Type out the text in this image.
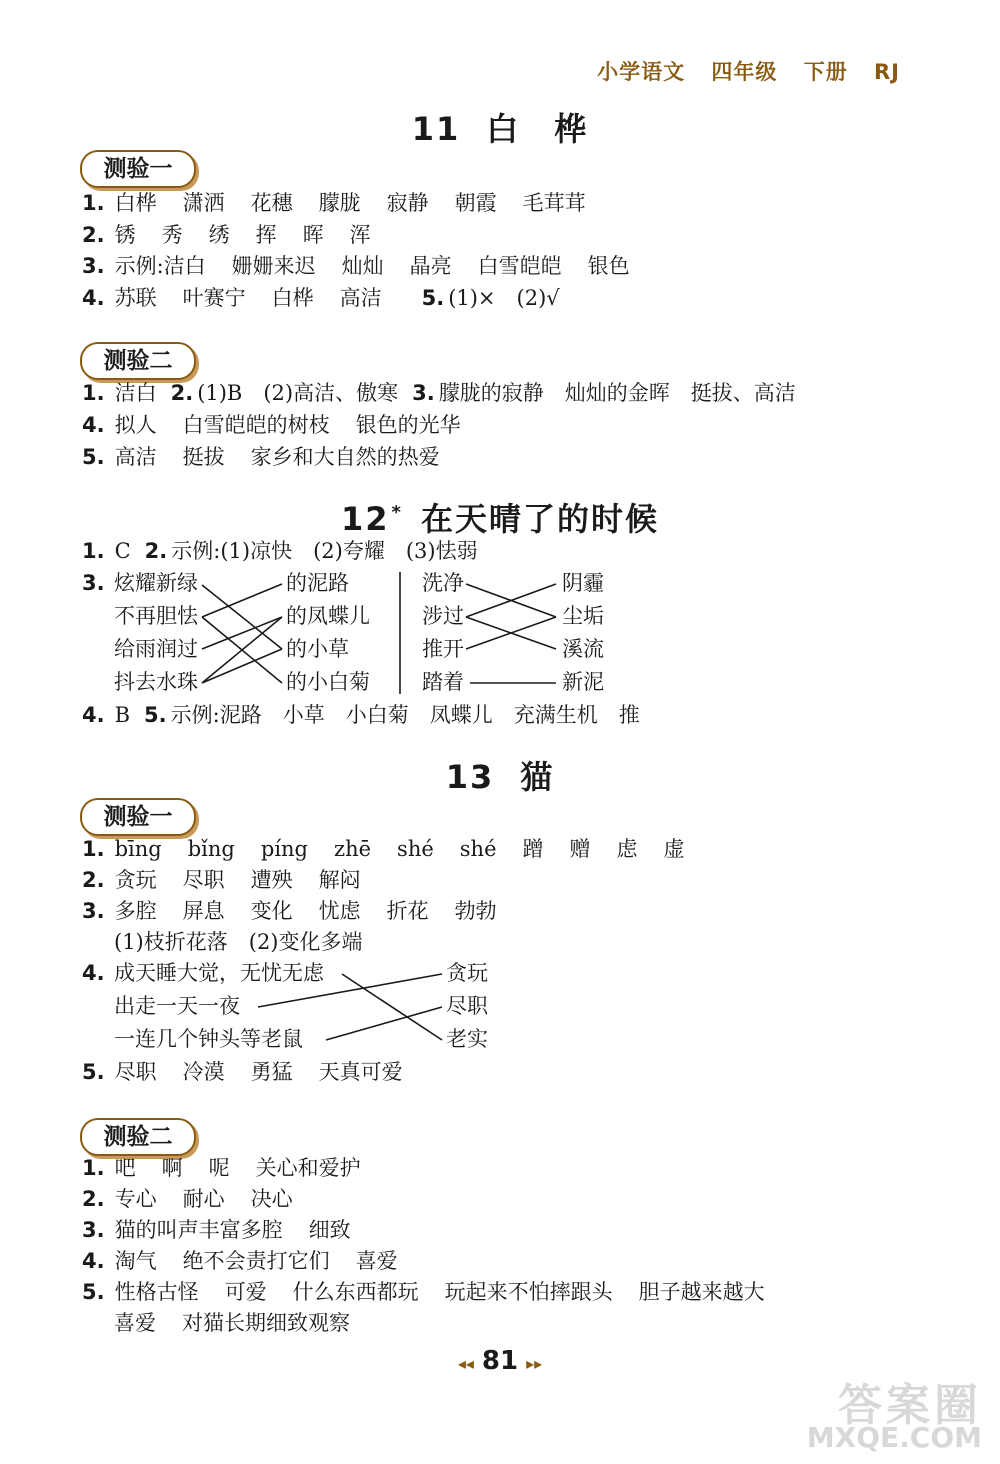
小学语文 四年级 下册 RJ
11 白　桦
测验一
1. 白桦 潇洒 花穗 朦胧 寂静 朝霞 毛茸茸
2. 锈 秀 绣 挥 晖 浑
3. 示例:洁白 姗姗来迟 灿灿 晶亮 白雪皑皑 银色
4. 苏联 叶赛宁 白桦 高洁 5. (1)×　(2)√
测验二
1. 洁白 2. (1)B　(2)高洁、傲寒 3. 朦胧的寂静　灿灿的金晖　挺拔、高洁
4. 拟人 白雪皑皑的树枝 银色的光华
5. 高洁 挺拔 家乡和大自然的热爱
12 * 在天晴了的时候
1. C 2. 示例:(1)凉快　(2)夸耀　(3)怯弱
3. 炫耀新绿
不再胆怯
给雨润过
抖去水珠
的泥路
的凤蝶儿
的小草
的小白菊
洗净
涉过
推开
踏着
阴霾
尘垢
溪流
新泥
4. B 5. 示例:泥路　小草　小白菊　凤蝶儿　充满生机　推
13 猫
测验一
1. bīng bǐng píng zhē shé shé 蹭 赠 虑 虚
2. 贪玩 尽职 遭殃 解闷
3. 多腔 屏息 变化 忧虑 折花 勃勃
(1)枝折花落　(2)变化多端
4. 成天睡大觉，无忧无虑
出走一天一夜
一连几个钟头等老鼠
贪玩
尽职
老实
5. 尽职 冷漠 勇猛 天真可爱
测验二
1. 吧 啊 呢 关心和爱护
2. 专心 耐心 决心
3. 猫的叫声丰富多腔 细致
4. 淘气 绝不会责打它们 喜爱
5. 性格古怪 可爱 什么东西都玩 玩起来不怕摔跟头 胆子越来越大
喜爱 对猫长期细致观察
◂◂ 81 ▸▸
答案圈
MXQE.COM
